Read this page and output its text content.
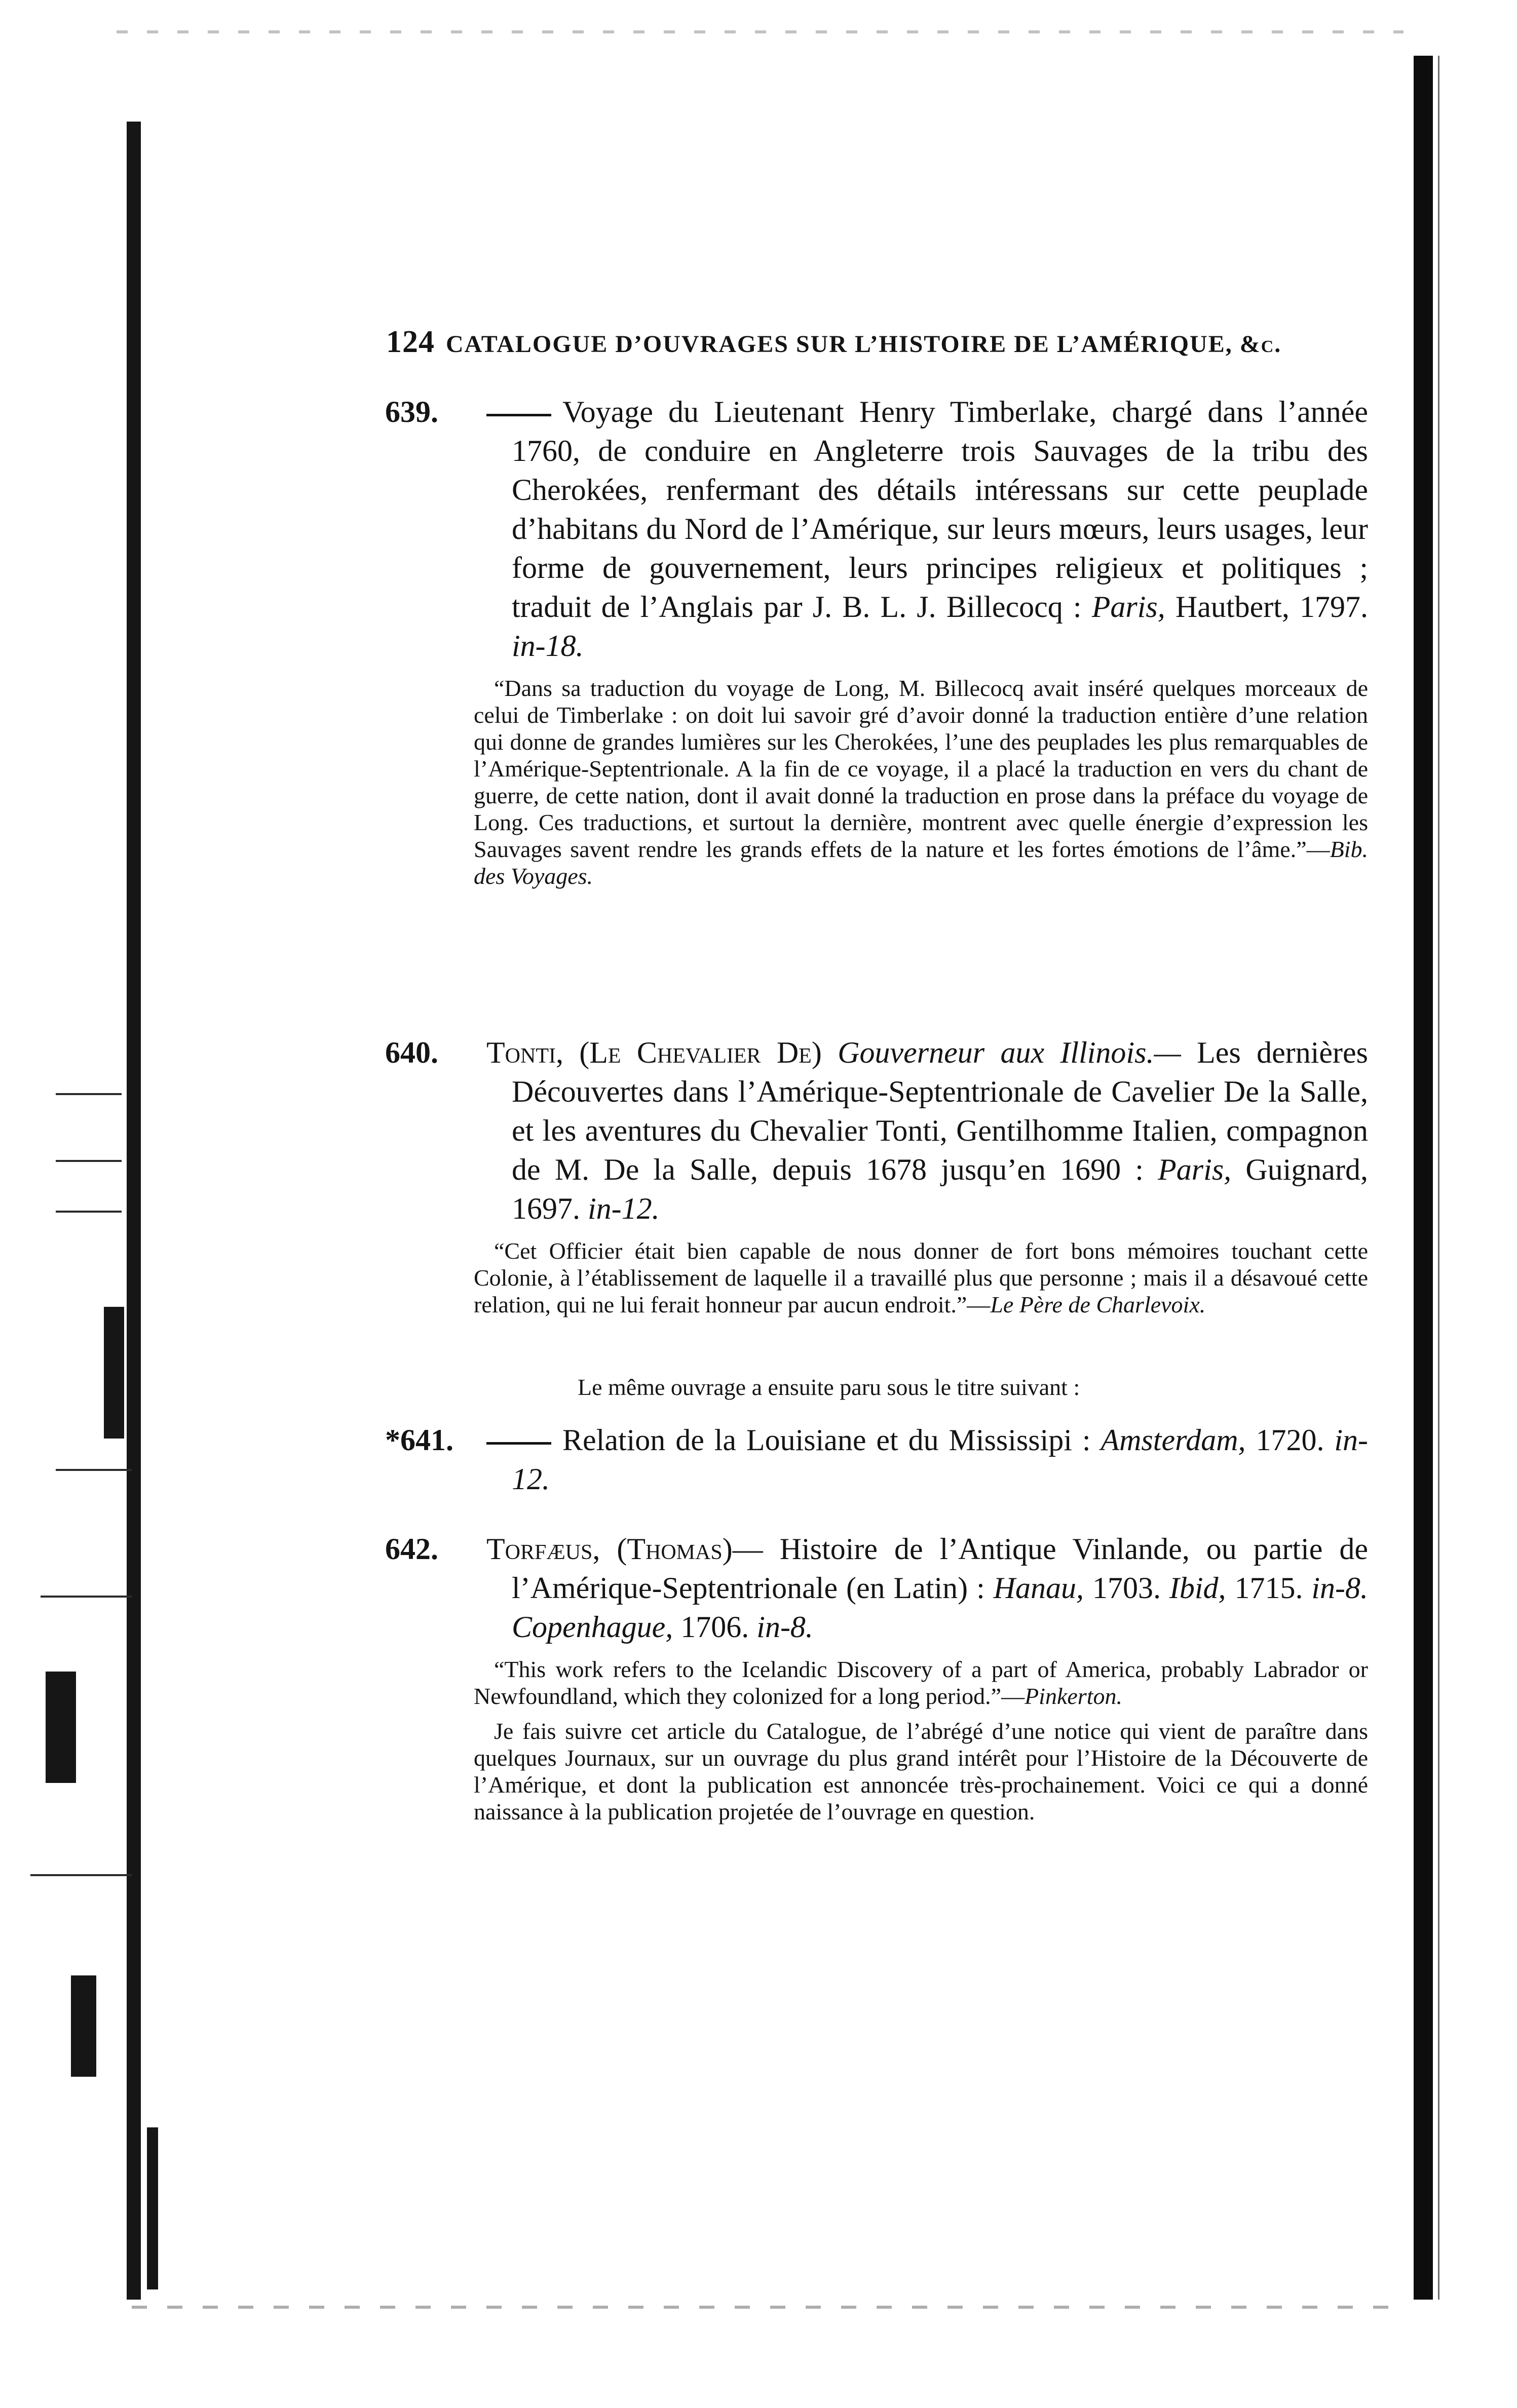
124 CATALOGUE D’OUVRAGES SUR L’HISTOIRE DE L’AMÉRIQUE, &c.
639.	Voyage du Lieutenant Henry Timberlake, chargé dans l’année 1760, de conduire en Angleterre trois Sauvages de la tribu des Cherokées, renfermant des détails intéressans sur cette peuplade d’habitans du Nord de l’Amérique, sur leurs mœurs, leurs usages, leur forme de gouvernement, leurs principes religieux et politiques ; traduit de l’Anglais par J. B. L. J. Billecocq : Paris, Hautbert, 1797. in-18.
“Dans sa traduction du voyage de Long, M. Billecocq avait inséré quelques morceaux de celui de Timberlake : on doit lui savoir gré d’avoir donné la traduction entière d’une relation qui donne de grandes lumières sur les Cherokées, l’une des peuplades les plus remarquables de l’Amérique-Septentrionale. A la fin de ce voyage, il a placé la traduction en vers du chant de guerre, de cette nation, dont il avait donné la traduction en prose dans la préface du voyage de Long. Ces traductions, et surtout la dernière, montrent avec quelle énergie d’expression les Sauvages savent rendre les grands effets de la nature et les fortes émotions de l’âme.”—Bib. des Voyages.
640. Tonti, (Le Chevalier De) Gouverneur aux Illinois.— Les dernières Découvertes dans l’Amérique-Septentrionale de Cavelier De la Salle, et les aventures du Chevalier Tonti, Gentilhomme Italien, compagnon de M. De la Salle, depuis 1678 jusqu’en 1690 : Paris, Guignard, 1697. in-12.
“Cet Officier était bien capable de nous donner de fort bons mémoires touchant cette Colonie, à l’établissement de laquelle il a travaillé plus que personne ; mais il a désavoué cette relation, qui ne lui ferait honneur par aucun endroit.”—Le Père de Charlevoix.
Le même ouvrage a ensuite paru sous le titre suivant :
*641.	Relation de la Louisiane et du Mississipi : Amsterdam, 1720. in-12.
642. Torfæus, (Thomas)— Histoire de l’Antique Vinlande, ou partie de l’Amérique-Septentrionale (en Latin) : Hanau, 1703. Ibid, 1715. in-8. Copenhague, 1706. in-8.
“This work refers to the Icelandic Discovery of a part of America, probably Labrador or Newfoundland, which they colonized for a long period.”—Pinkerton.
Je fais suivre cet article du Catalogue, de l’abrégé d’une notice qui vient de paraître dans quelques Journaux, sur un ouvrage du plus grand intérêt pour l’Histoire de la Découverte de l’Amérique, et dont la publication est annoncée très-prochainement. Voici ce qui a donné naissance à la publication projetée de l’ouvrage en question.
